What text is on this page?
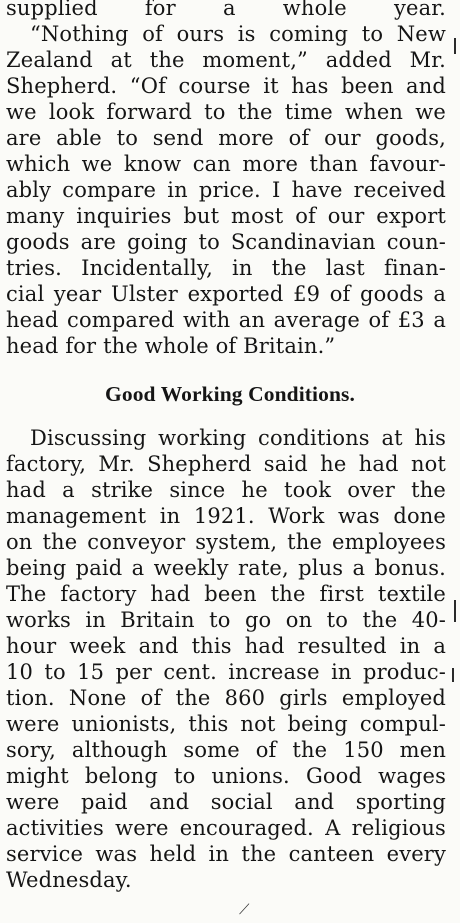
supplied for a whole year.
“Nothing of ours is coming to New
Zealand at the moment,” added Mr.
Shepherd. “Of course it has been and
we look forward to the time when we
are able to send more of our goods,
which we know can more than favour-
ably compare in price. I have received
many inquiries but most of our export
goods are going to Scandinavian coun-
tries. Incidentally, in the last finan-
cial year Ulster exported £9 of goods a
head compared with an average of £3 a
head for the whole of Britain.”
Good Working Conditions.
Discussing working conditions at his
factory, Mr. Shepherd said he had not
had a strike since he took over the
management in 1921. Work was done
on the conveyor system, the employees
being paid a weekly rate, plus a bonus.
The factory had been the first textile
works in Britain to go on to the 40-
hour week and this had resulted in a
10 to 15 per cent. increase in produc-
tion. None of the 860 girls employed
were unionists, this not being compul-
sory, although some of the 150 men
might belong to unions. Good wages
were paid and social and sporting
activities were encouraged. A religious
service was held in the canteen every
Wednesday.
